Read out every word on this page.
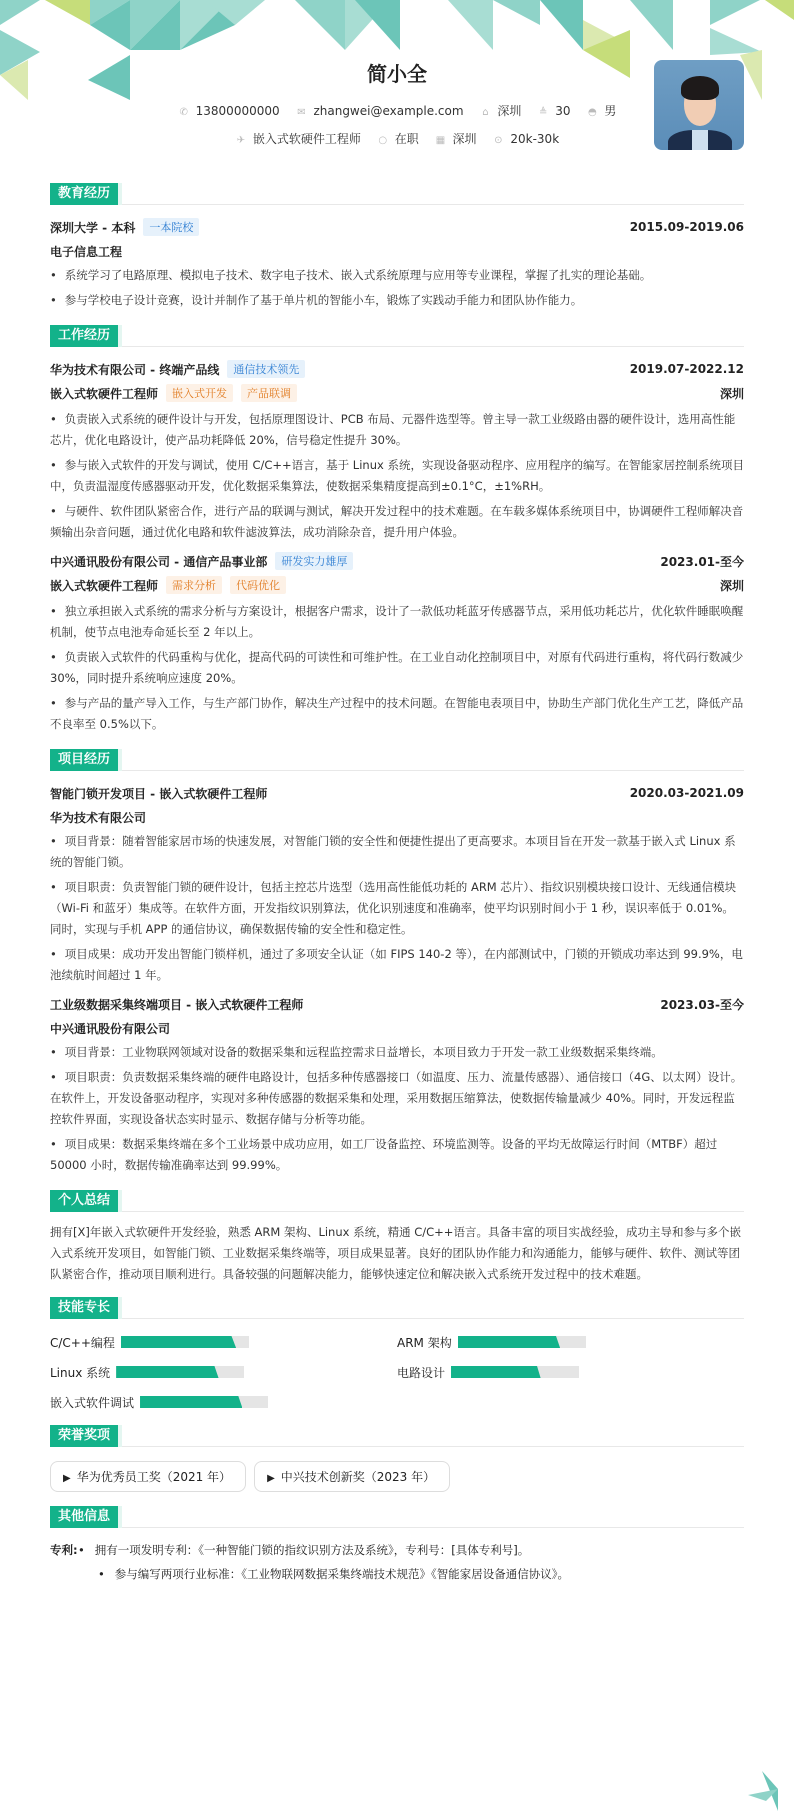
简小全
✆ 13800000000 ✉ zhangwei@example.com ⌂ 深圳 ≜ 30 ◓ 男
✈ 嵌入式软硬件工程师 ○ 在职 ▦ 深圳 ⊙ 20k-30k
教育经历
深圳大学 - 本科	一本院校	2015.09-2019.06
电子信息工程
• 系统学习了电路原理、模拟电子技术、数字电子技术、嵌入式系统原理与应用等专业课程，掌握了扎实的理论基础。
• 参与学校电子设计竞赛，设计并制作了基于单片机的智能小车，锻炼了实践动手能力和团队协作能力。
工作经历
华为技术有限公司 - 终端产品线	通信技术领先	2019.07-2022.12
嵌入式软硬件工程师	嵌入式开发	产品联调	深圳
• 负责嵌入式系统的硬件设计与开发，包括原理图设计、PCB 布局、元器件选型等。曾主导一款工业级路由器的硬件设计，选用高性能芯片，优化电路设计，使产品功耗降低 20%，信号稳定性提升 30%。
• 参与嵌入式软件的开发与调试，使用 C/C++语言，基于 Linux 系统，实现设备驱动程序、应用程序的编写。在智能家居控制系统项目中，负责温湿度传感器驱动开发，优化数据采集算法，使数据采集精度提高到±0.1°C，±1%RH。
• 与硬件、软件团队紧密合作，进行产品的联调与测试，解决开发过程中的技术难题。在车载多媒体系统项目中，协调硬件工程师解决音频输出杂音问题，通过优化电路和软件滤波算法，成功消除杂音，提升用户体验。
中兴通讯股份有限公司 - 通信产品事业部	研发实力雄厚	2023.01-至今
嵌入式软硬件工程师	需求分析	代码优化	深圳
• 独立承担嵌入式系统的需求分析与方案设计，根据客户需求，设计了一款低功耗蓝牙传感器节点，采用低功耗芯片，优化软件睡眠唤醒机制，使节点电池寿命延长至 2 年以上。
• 负责嵌入式软件的代码重构与优化，提高代码的可读性和可维护性。在工业自动化控制项目中，对原有代码进行重构，将代码行数减少 30%，同时提升系统响应速度 20%。
• 参与产品的量产导入工作，与生产部门协作，解决生产过程中的技术问题。在智能电表项目中，协助生产部门优化生产工艺，降低产品不良率至 0.5%以下。
项目经历
智能门锁开发项目 - 嵌入式软硬件工程师	2020.03-2021.09
华为技术有限公司
• 项目背景：随着智能家居市场的快速发展，对智能门锁的安全性和便捷性提出了更高要求。本项目旨在开发一款基于嵌入式 Linux 系统的智能门锁。
• 项目职责：负责智能门锁的硬件设计，包括主控芯片选型（选用高性能低功耗的 ARM 芯片）、指纹识别模块接口设计、无线通信模块（Wi-Fi 和蓝牙）集成等。在软件方面，开发指纹识别算法，优化识别速度和准确率，使平均识别时间小于 1 秒，误识率低于 0.01%。同时，实现与手机 APP 的通信协议，确保数据传输的安全性和稳定性。
• 项目成果：成功开发出智能门锁样机，通过了多项安全认证（如 FIPS 140-2 等），在内部测试中，门锁的开锁成功率达到 99.9%，电池续航时间超过 1 年。
工业级数据采集终端项目 - 嵌入式软硬件工程师	2023.03-至今
中兴通讯股份有限公司
• 项目背景：工业物联网领域对设备的数据采集和远程监控需求日益增长，本项目致力于开发一款工业级数据采集终端。
• 项目职责：负责数据采集终端的硬件电路设计，包括多种传感器接口（如温度、压力、流量传感器）、通信接口（4G、以太网）设计。在软件上，开发设备驱动程序，实现对多种传感器的数据采集和处理，采用数据压缩算法，使数据传输量减少 40%。同时，开发远程监控软件界面，实现设备状态实时显示、数据存储与分析等功能。
• 项目成果：数据采集终端在多个工业场景中成功应用，如工厂设备监控、环境监测等。设备的平均无故障运行时间（MTBF）超过 50000 小时，数据传输准确率达到 99.99%。
个人总结
拥有[X]年嵌入式软硬件开发经验，熟悉 ARM 架构、Linux 系统，精通 C/C++语言。具备丰富的项目实战经验，成功主导和参与多个嵌入式系统开发项目，如智能门锁、工业数据采集终端等，项目成果显著。良好的团队协作能力和沟通能力，能够与硬件、软件、测试等团队紧密合作，推动项目顺利进行。具备较强的问题解决能力，能够快速定位和解决嵌入式系统开发过程中的技术难题。
技能专长
C/C++编程	ARM 架构
Linux 系统	电路设计
嵌入式软件调试
荣誉奖项
▶ 华为优秀员工奖（2021 年）	▶ 中兴技术创新奖（2023 年）
其他信息
专利:	• 拥有一项发明专利：《一种智能门锁的指纹识别方法及系统》，专利号：[具体专利号]。
• 参与编写两项行业标准：《工业物联网数据采集终端技术规范》《智能家居设备通信协议》。
